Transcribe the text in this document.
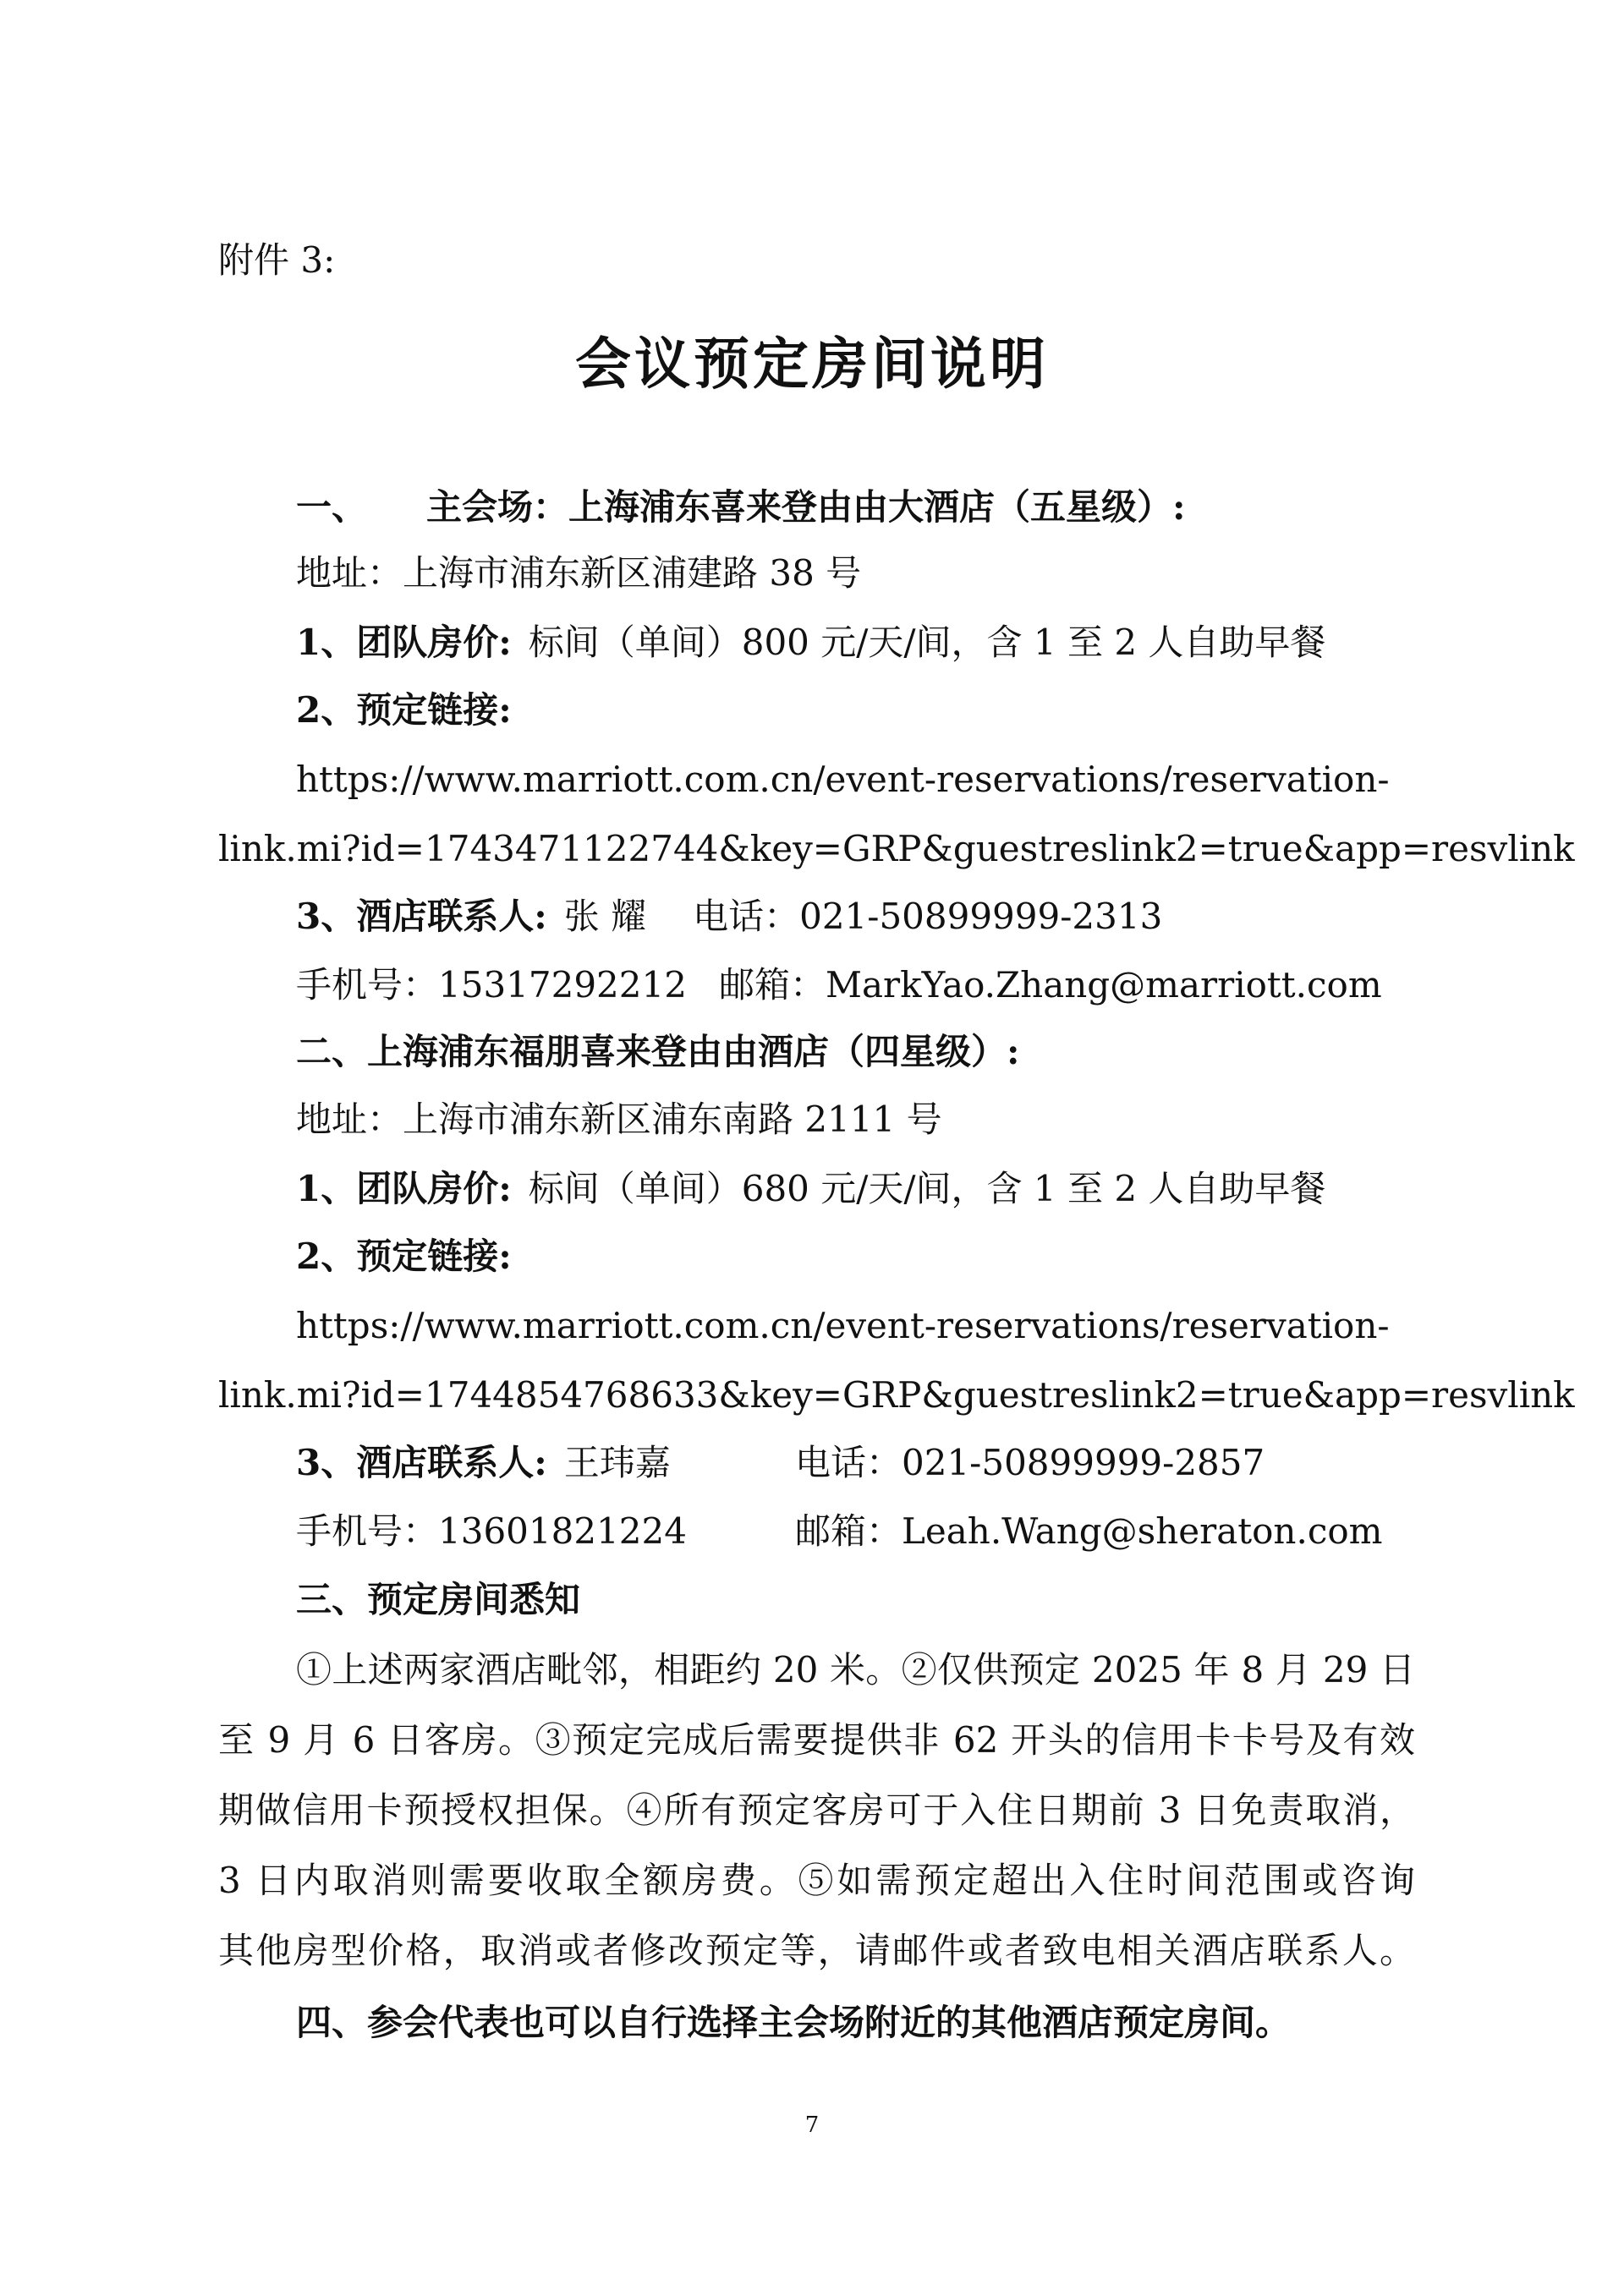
附件 3:
会议预定房间说明
一、 主会场：上海浦东喜来登由由大酒店（五星级）:
地址：上海市浦东新区浦建路 38 号
1、团队房价: 标间（单间）800 元/天/间，含 1 至 2 人自助早餐
2、预定链接:
https://www.marriott.com.cn/event-reservations/reservation-
link.mi?id=1743471122744&key=GRP&guestreslink2=true&app=resvlink
3、酒店联系人: 张 耀 电话：021-50899999-2313
手机号：15317292212 邮箱：MarkYao.Zhang@marriott.com
二、上海浦东福朋喜来登由由酒店（四星级）:
地址：上海市浦东新区浦东南路 2111 号
1、团队房价: 标间（单间）680 元/天/间，含 1 至 2 人自助早餐
2、预定链接:
https://www.marriott.com.cn/event-reservations/reservation-
link.mi?id=1744854768633&key=GRP&guestreslink2=true&app=resvlink
3、酒店联系人: 王玮嘉	电话：021-50899999-2857
手机号：13601821224	邮箱：Leah.Wang@sheraton.com
三、预定房间悉知
①上述两家酒店毗邻，相距约 20 米。②仅供预定 2025 年 8 月 29 日
至 9 月 6 日客房。③预定完成后需要提供非 62 开头的信用卡卡号及有效
期做信用卡预授权担保。④所有预定客房可于入住日期前 3 日免责取消，
3 日内取消则需要收取全额房费。⑤如需预定超出入住时间范围或咨询
其他房型价格，取消或者修改预定等，请邮件或者致电相关酒店联系人。
四、参会代表也可以自行选择主会场附近的其他酒店预定房间。
7
